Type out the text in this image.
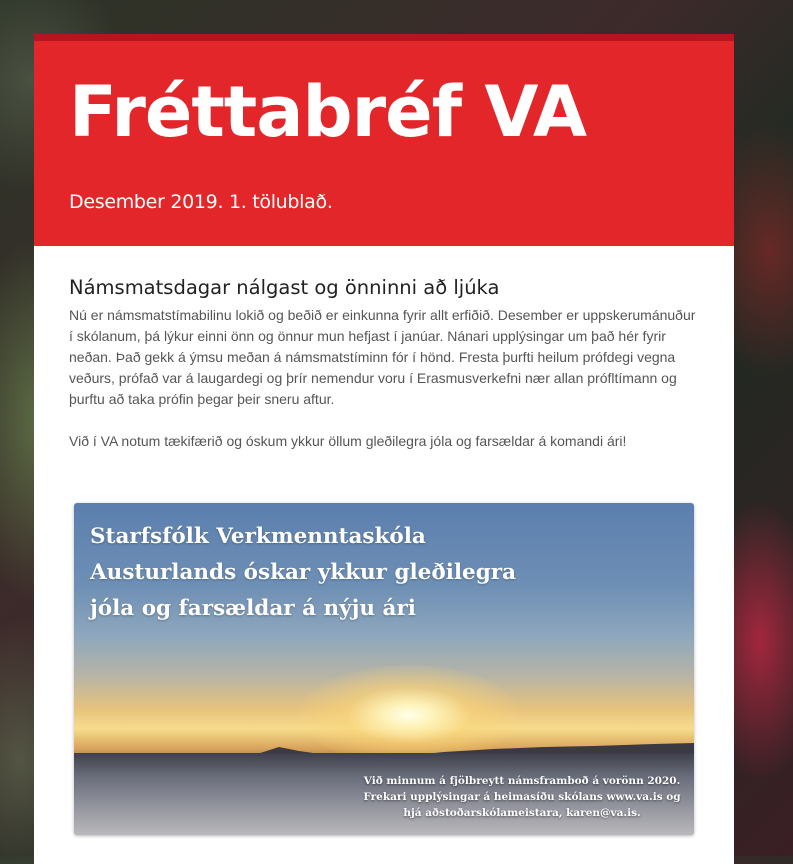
Fréttabréf VA

Desember 2019. 1. tölublað.

Námsmatsdagar nálgast og önninni að ljúka

Nú er námsmatstímabilinu lokið og beðið er einkunna fyrir allt erfiðið. Desember er uppskerumánuður í skólanum, þá lýkur einni önn og önnur mun hefjast í janúar. Nánari upplýsingar um það hér fyrir neðan. Það gekk á ýmsu meðan á námsmatstíminn fór í hönd. Fresta þurfti heilum prófdegi vegna veðurs, prófað var á laugardegi og þrír nemendur voru í Erasmusverkefni nær allan prófltímann og þurftu að taka prófin þegar þeir sneru aftur.

Við í VA notum tækifærið og óskum ykkur öllum gleðilegra jóla og farsældar á komandi ári!

Starfsfólk Verkmenntaskóla Austurlands óskar ykkur gleðilegra jóla og farsældar á nýju ári

Við minnum á fjölbreytt námsframboð á vorönn 2020. Frekari upplýsingar á heimasíðu skólans www.va.is og hjá aðstoðarskólameistara, karen@va.is.
